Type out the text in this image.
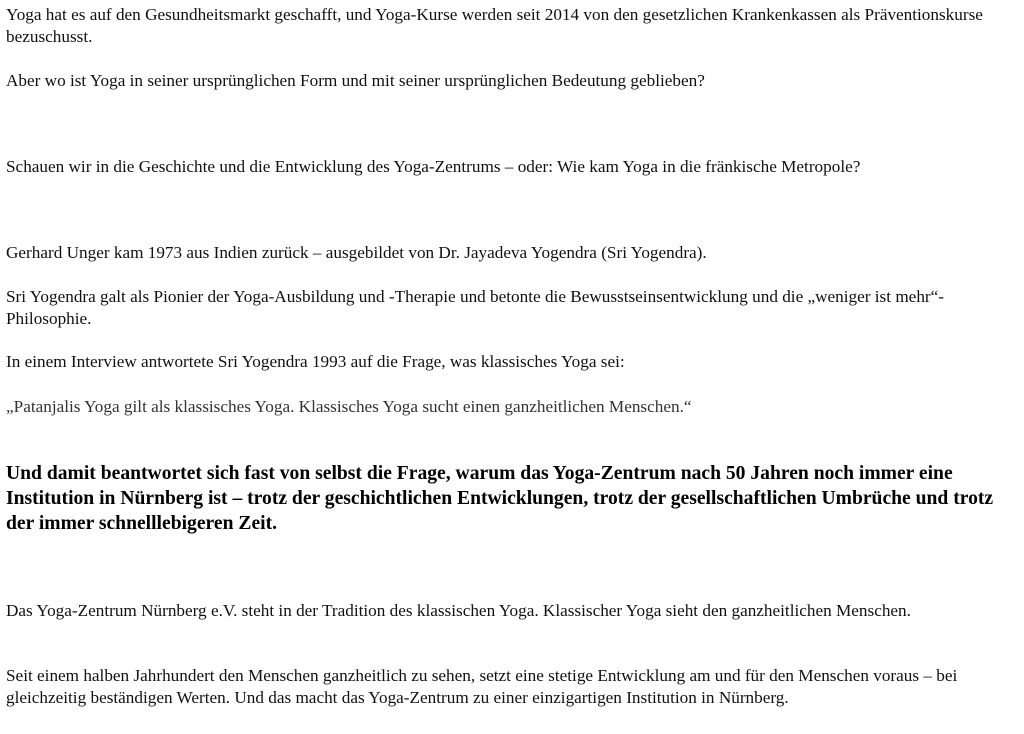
Yoga hat es auf den Gesundheitsmarkt geschafft, und Yoga-Kurse werden seit 2014 von den gesetzlichen Krankenkassen als Präventionskurse bezuschusst.

Aber wo ist Yoga in seiner ursprünglichen Form und mit seiner ursprünglichen Bedeutung geblieben?

Schauen wir in die Geschichte und die Entwicklung des Yoga-Zentrums – oder: Wie kam Yoga in die fränkische Metropole?

Gerhard Unger kam 1973 aus Indien zurück – ausgebildet von Dr. Jayadeva Yogendra (Sri Yogendra).

Sri Yogendra galt als Pionier der Yoga-Ausbildung und -Therapie und betonte die Bewusstseinsentwicklung und die „weniger ist mehr“-Philosophie.

In einem Interview antwortete Sri Yogendra 1993 auf die Frage, was klassisches Yoga sei:

„Patanjalis Yoga gilt als klassisches Yoga. Klassisches Yoga sucht einen ganzheitlichen Menschen.“

Und damit beantwortet sich fast von selbst die Frage, warum das Yoga-Zentrum nach 50 Jahren noch immer eine Institution in Nürnberg ist – trotz der geschichtlichen Entwicklungen, trotz der gesellschaftlichen Umbrüche und trotz der immer schnelllebigeren Zeit.

Das Yoga-Zentrum Nürnberg e.V. steht in der Tradition des klassischen Yoga. Klassischer Yoga sieht den ganzheitlichen Menschen.

Seit einem halben Jahrhundert den Menschen ganzheitlich zu sehen, setzt eine stetige Entwicklung am und für den Menschen voraus – bei gleichzeitig beständigen Werten. Und das macht das Yoga-Zentrum zu einer einzigartigen Institution in Nürnberg.
